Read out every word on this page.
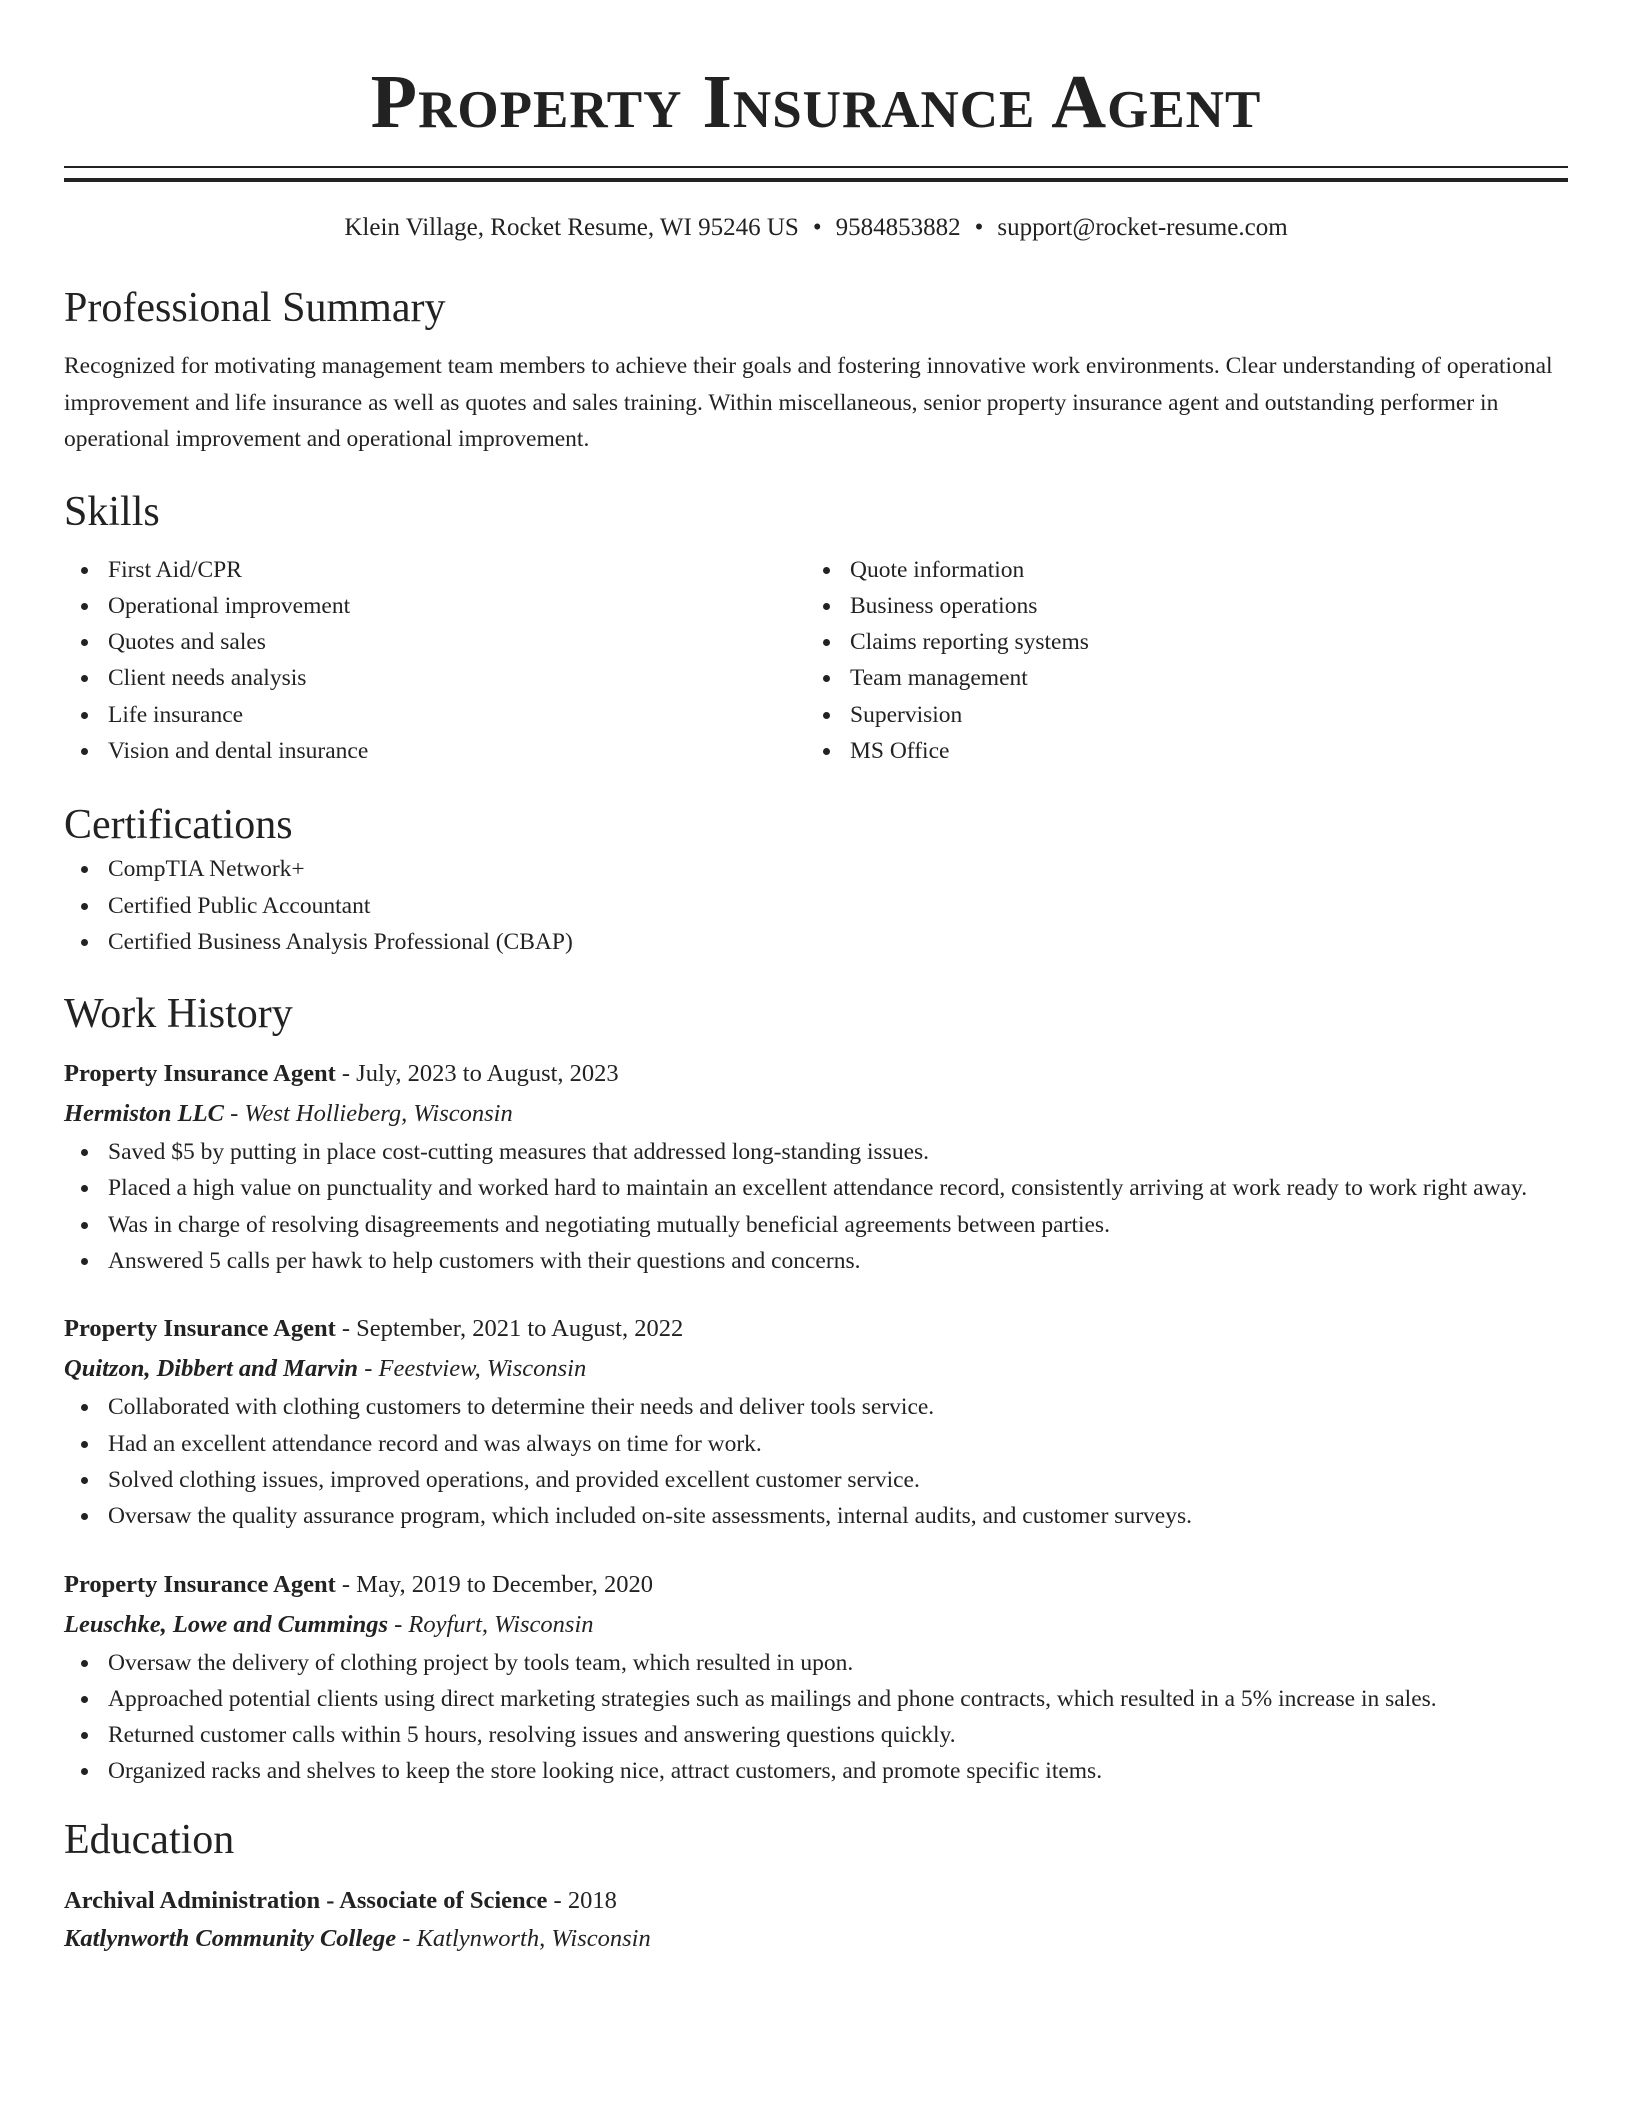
Property Insurance Agent
Klein Village, Rocket Resume, WI 95246 US • 9584853882 • support@rocket-resume.com
Professional Summary

Recognized for motivating management team members to achieve their goals and fostering innovative work environments. Clear understanding of operational improvement and life insurance as well as quotes and sales training. Within miscellaneous, senior property insurance agent and outstanding performer in operational improvement and operational improvement.

Skills
First Aid/CPR
Operational improvement
Quotes and sales
Client needs analysis
Life insurance
Vision and dental insurance
Quote information
Business operations
Claims reporting systems
Team management
Supervision
MS Office
Certifications
CompTIA Network+
Certified Public Accountant
Certified Business Analysis Professional (CBAP)
Work History
Property Insurance Agent - July, 2023 to August, 2023
Hermiston LLC - West Hollieberg, Wisconsin
Saved $5 by putting in place cost-cutting measures that addressed long-standing issues.
Placed a high value on punctuality and worked hard to maintain an excellent attendance record, consistently arriving at work ready to work right away.
Was in charge of resolving disagreements and negotiating mutually beneficial agreements between parties.
Answered 5 calls per hawk to help customers with their questions and concerns.
Property Insurance Agent - September, 2021 to August, 2022
Quitzon, Dibbert and Marvin - Feestview, Wisconsin
Collaborated with clothing customers to determine their needs and deliver tools service.
Had an excellent attendance record and was always on time for work.
Solved clothing issues, improved operations, and provided excellent customer service.
Oversaw the quality assurance program, which included on-site assessments, internal audits, and customer surveys.
Property Insurance Agent - May, 2019 to December, 2020
Leuschke, Lowe and Cummings - Royfurt, Wisconsin
Oversaw the delivery of clothing project by tools team, which resulted in upon.
Approached potential clients using direct marketing strategies such as mailings and phone contracts, which resulted in a 5% increase in sales.
Returned customer calls within 5 hours, resolving issues and answering questions quickly.
Organized racks and shelves to keep the store looking nice, attract customers, and promote specific items.
Education
Archival Administration - Associate of Science - 2018
Katlynworth Community College - Katlynworth, Wisconsin
